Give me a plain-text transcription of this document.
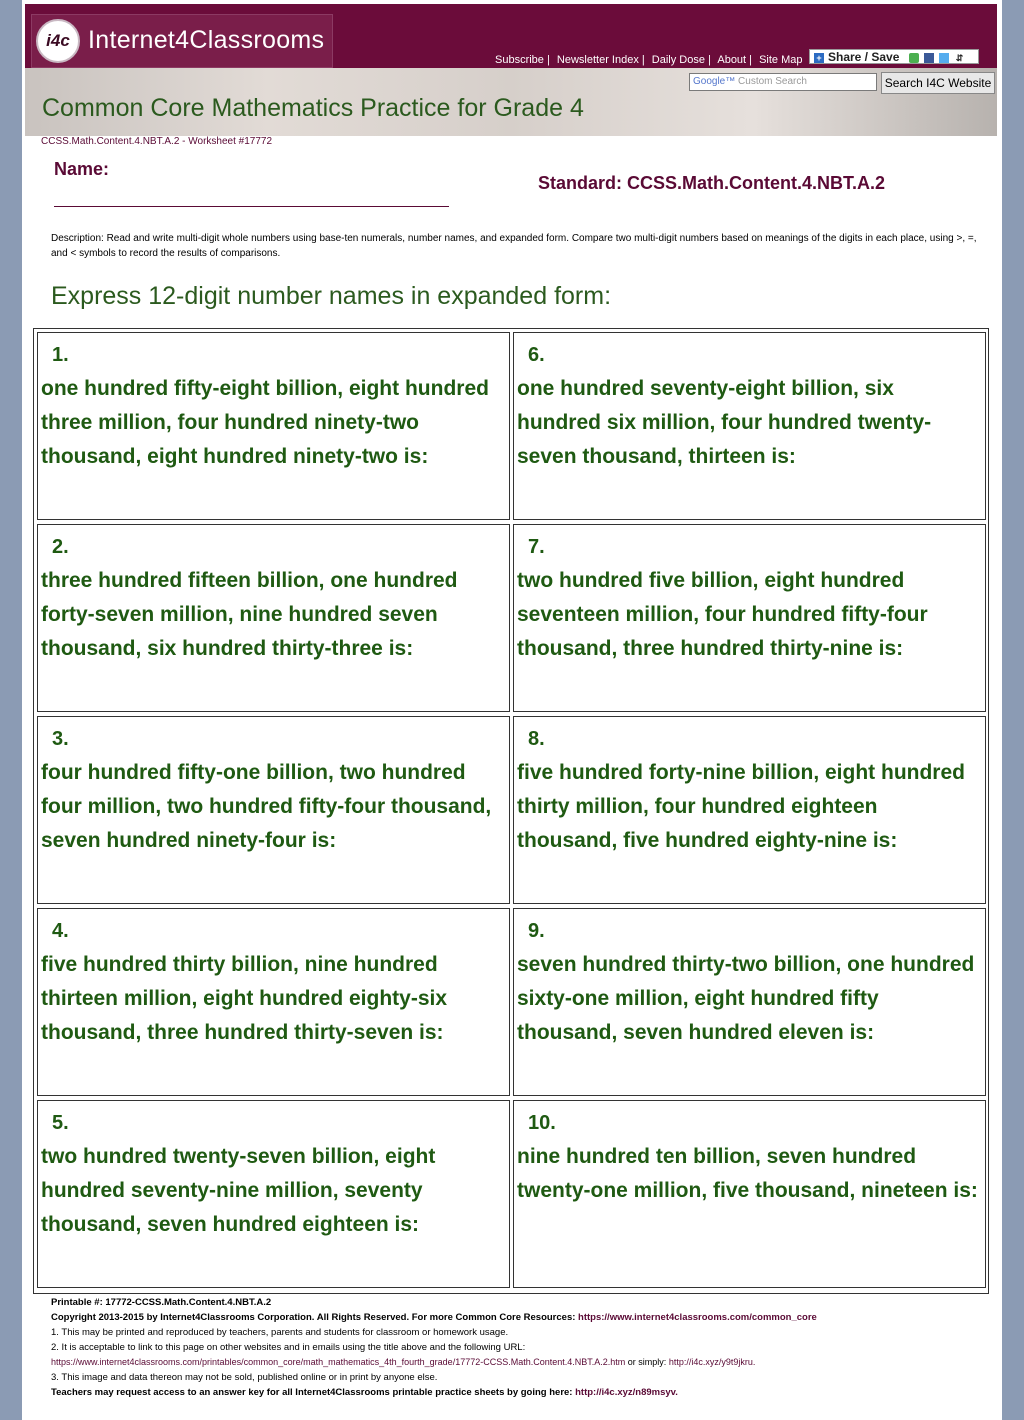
i4c Internet4Classrooms
Subscribe | Newsletter Index | Daily Dose | About | Site Map	+ Share / Save	⇵
Google™ Custom Search	Search I4C Website
Common Core Mathematics Practice for Grade 4
CCSS.Math.Content.4.NBT.A.2 - Worksheet #17772
Name:
Standard: CCSS.Math.Content.4.NBT.A.2
Description: Read and write multi-digit whole numbers using base-ten numerals, number names, and expanded form. Compare two multi-digit numbers based on meanings of the digits in each place, using >, =, and < symbols to record the results of comparisons.
Express 12-digit number names in expanded form:
1.
one hundred fifty-eight billion, eight hundred three million, four hundred ninety-two thousand, eight hundred ninety-two is:
2.
three hundred fifteen billion, one hundred forty-seven million, nine hundred seven thousand, six hundred thirty-three is:
3.
four hundred fifty-one billion, two hundred four million, two hundred fifty-four thousand, seven hundred ninety-four is:
4.
five hundred thirty billion, nine hundred thirteen million, eight hundred eighty-six thousand, three hundred thirty-seven is:
5.
two hundred twenty-seven billion, eight hundred seventy-nine million, seventy thousand, seven hundred eighteen is:
6.
one hundred seventy-eight billion, six hundred six million, four hundred twenty-seven thousand, thirteen is:
7.
two hundred five billion, eight hundred seventeen million, four hundred fifty-four thousand, three hundred thirty-nine is:
8.
five hundred forty-nine billion, eight hundred thirty million, four hundred eighteen thousand, five hundred eighty-nine is:
9.
seven hundred thirty-two billion, one hundred sixty-one million, eight hundred fifty thousand, seven hundred eleven is:
10.
nine hundred ten billion, seven hundred twenty-one million, five thousand, nineteen is:
Printable #: 17772-CCSS.Math.Content.4.NBT.A.2
Copyright 2013-2015 by Internet4Classrooms Corporation. All Rights Reserved. For more Common Core Resources: https://www.internet4classrooms.com/common_core
1. This may be printed and reproduced by teachers, parents and students for classroom or homework usage.
2. It is acceptable to link to this page on other websites and in emails using the title above and the following URL:
https://www.internet4classrooms.com/printables/common_core/math_mathematics_4th_fourth_grade/17772-CCSS.Math.Content.4.NBT.A.2.htm or simply: http://i4c.xyz/y9t9jkru.
3. This image and data thereon may not be sold, published online or in print by anyone else.
Teachers may request access to an answer key for all Internet4Classrooms printable practice sheets by going here: http://i4c.xyz/n89msyv.
